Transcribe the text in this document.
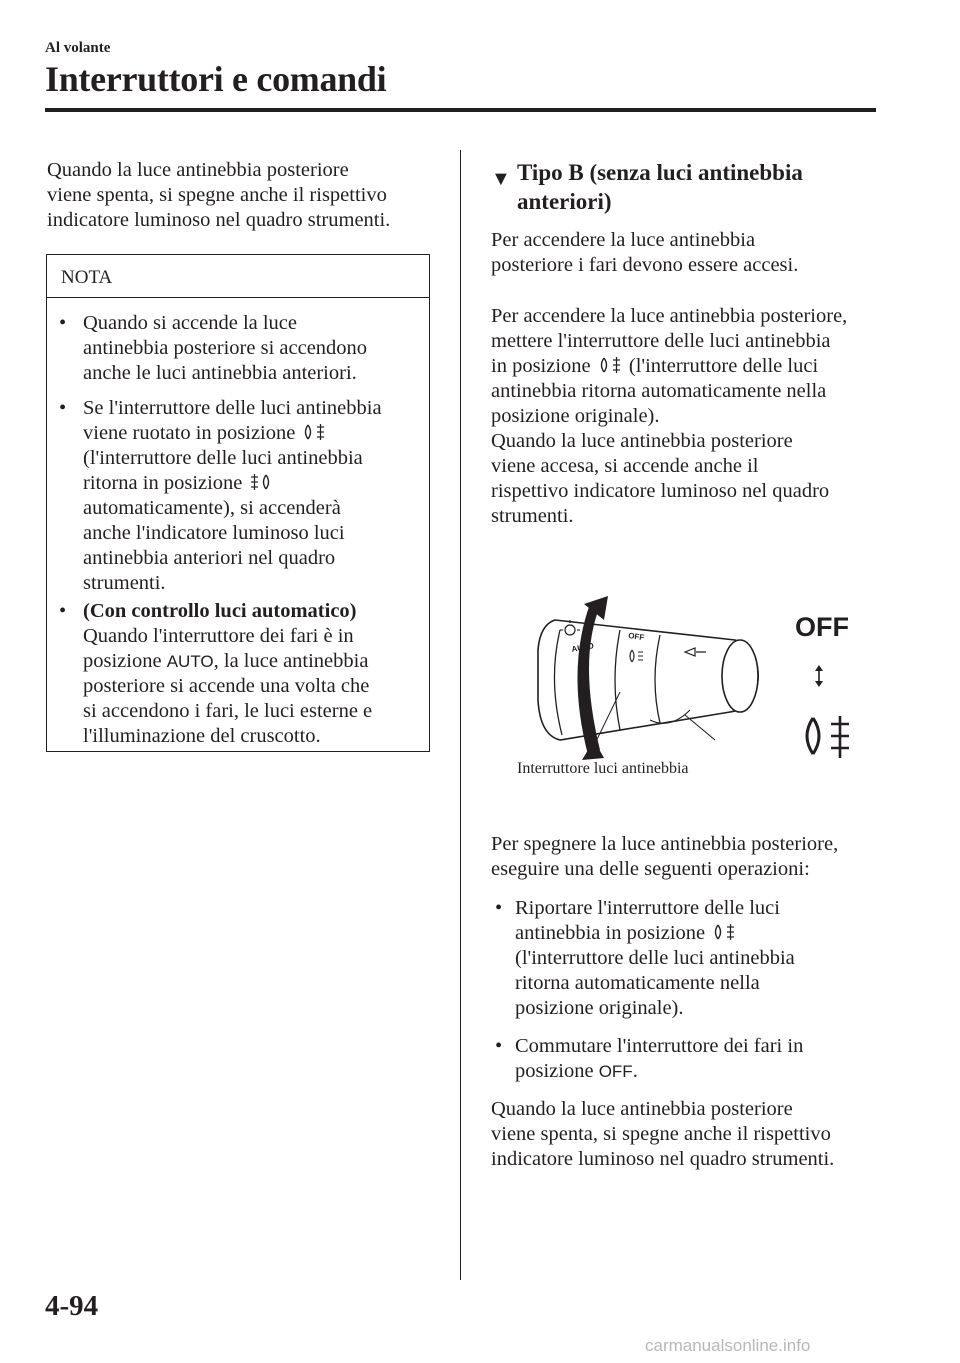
Al volante
Interruttori e comandi
Quando la luce antinebbia posteriore
viene spenta, si spegne anche il rispettivo
indicatore luminoso nel quadro strumenti.
NOTA
• Quando si accende la luce
antinebbia posteriore si accendono
anche le luci antinebbia anteriori.
• Se l'interruttore delle luci antinebbia
viene ruotato in posizione
(l'interruttore delle luci antinebbia
ritorna in posizione
automaticamente), si accenderà
anche l'indicatore luminoso luci
antinebbia anteriori nel quadro
strumenti.
• (Con controllo luci automatico)
Quando l'interruttore dei fari è in
posizione AUTO, la luce antinebbia
posteriore si accende una volta che
si accendono i fari, le luci esterne e
l'illuminazione del cruscotto.
▼ Tipo B (senza luci antinebbia
anteriori)
Per accendere la luce antinebbia
posteriore i fari devono essere accesi.
Per accendere la luce antinebbia posteriore,
mettere l'interruttore delle luci antinebbia
in posizione (l'interruttore delle luci
antinebbia ritorna automaticamente nella
posizione originale).
Quando la luce antinebbia posteriore
viene accesa, si accende anche il
rispettivo indicatore luminoso nel quadro
strumenti.
AUTO
OFF	OFF
Interruttore luci antinebbia
Per spegnere la luce antinebbia posteriore,
eseguire una delle seguenti operazioni:
• Riportare l'interruttore delle luci
antinebbia in posizione
(l'interruttore delle luci antinebbia
ritorna automaticamente nella
posizione originale).
• Commutare l'interruttore dei fari in
posizione OFF.
Quando la luce antinebbia posteriore
viene spenta, si spegne anche il rispettivo
indicatore luminoso nel quadro strumenti.
4-94
carmanualsonline.info
